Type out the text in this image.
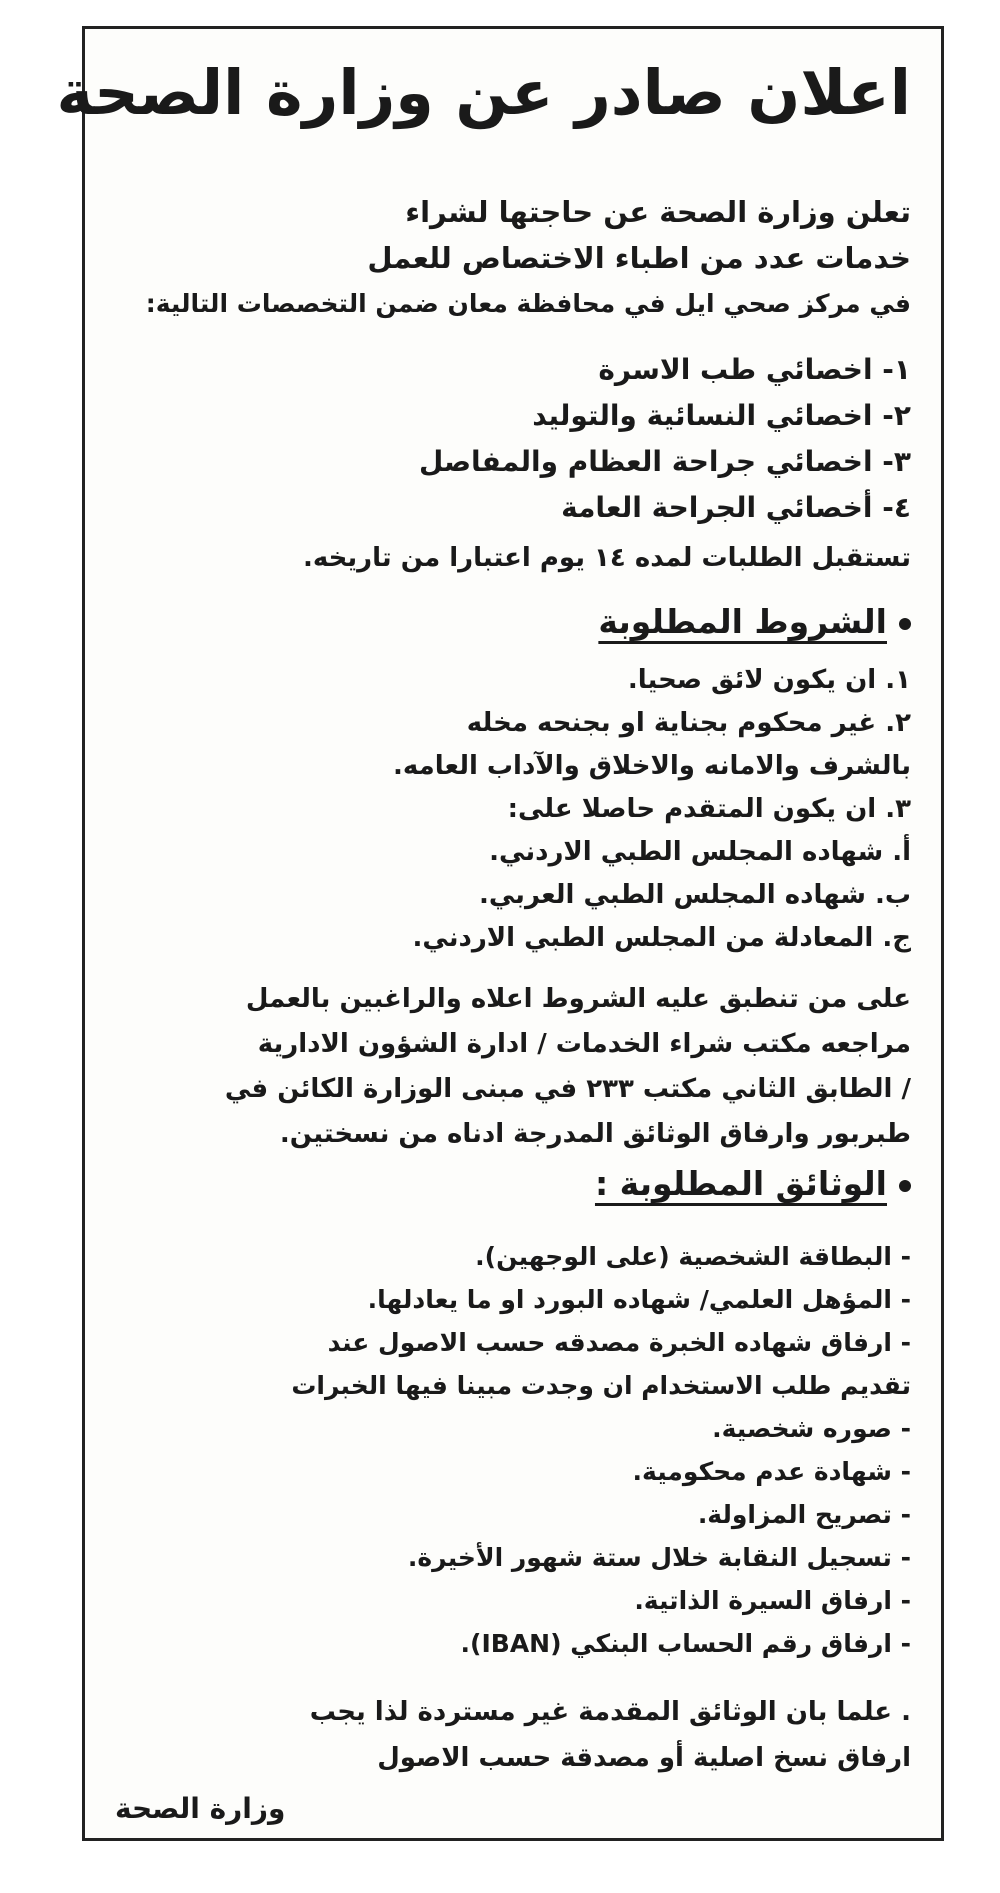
اعلان صادر عن وزارة الصحة
تعلن وزارة الصحة عن حاجتها لشراء
خدمات عدد من اطباء الاختصاص للعمل
في مركز صحي ايل في محافظة معان ضمن التخصصات التالية:
١- اخصائي طب الاسرة
٢- اخصائي النسائية والتوليد
٣- اخصائي جراحة العظام والمفاصل
٤- أخصائي الجراحة العامة
تستقبل الطلبات لمده ١٤ يوم اعتبارا من تاريخه.
الشروط المطلوبة
١. ان يكون لائق صحيا.
٢. غير محكوم بجناية او بجنحه مخله
بالشرف والامانه والاخلاق والآداب العامه.
٣. ان يكون المتقدم حاصلا على:
أ. شهاده المجلس الطبي الاردني.
ب. شهاده المجلس الطبي العربي.
ج. المعادلة من المجلس الطبي الاردني.
على من تنطبق عليه الشروط اعلاه والراغبين بالعمل
مراجعه مكتب شراء الخدمات / ادارة الشؤون الادارية
/ الطابق الثاني مكتب ٢٣٣ في مبنى الوزارة الكائن في
طبربور وارفاق الوثائق المدرجة ادناه من نسختين.
الوثائق المطلوبة :
- البطاقة الشخصية (على الوجهين).
- المؤهل العلمي/ شهاده البورد او ما يعادلها.
- ارفاق شهاده الخبرة مصدقه حسب الاصول عند
تقديم طلب الاستخدام ان وجدت مبينا فيها الخبرات
- صوره شخصية.
- شهادة عدم محكومية.
- تصريح المزاولة.
- تسجيل النقابة خلال ستة شهور الأخيرة.
- ارفاق السيرة الذاتية.
- ارفاق رقم الحساب البنكي (IBAN).
. علما بان الوثائق المقدمة غير مستردة لذا يجب
ارفاق نسخ اصلية أو مصدقة حسب الاصول
وزارة الصحة
